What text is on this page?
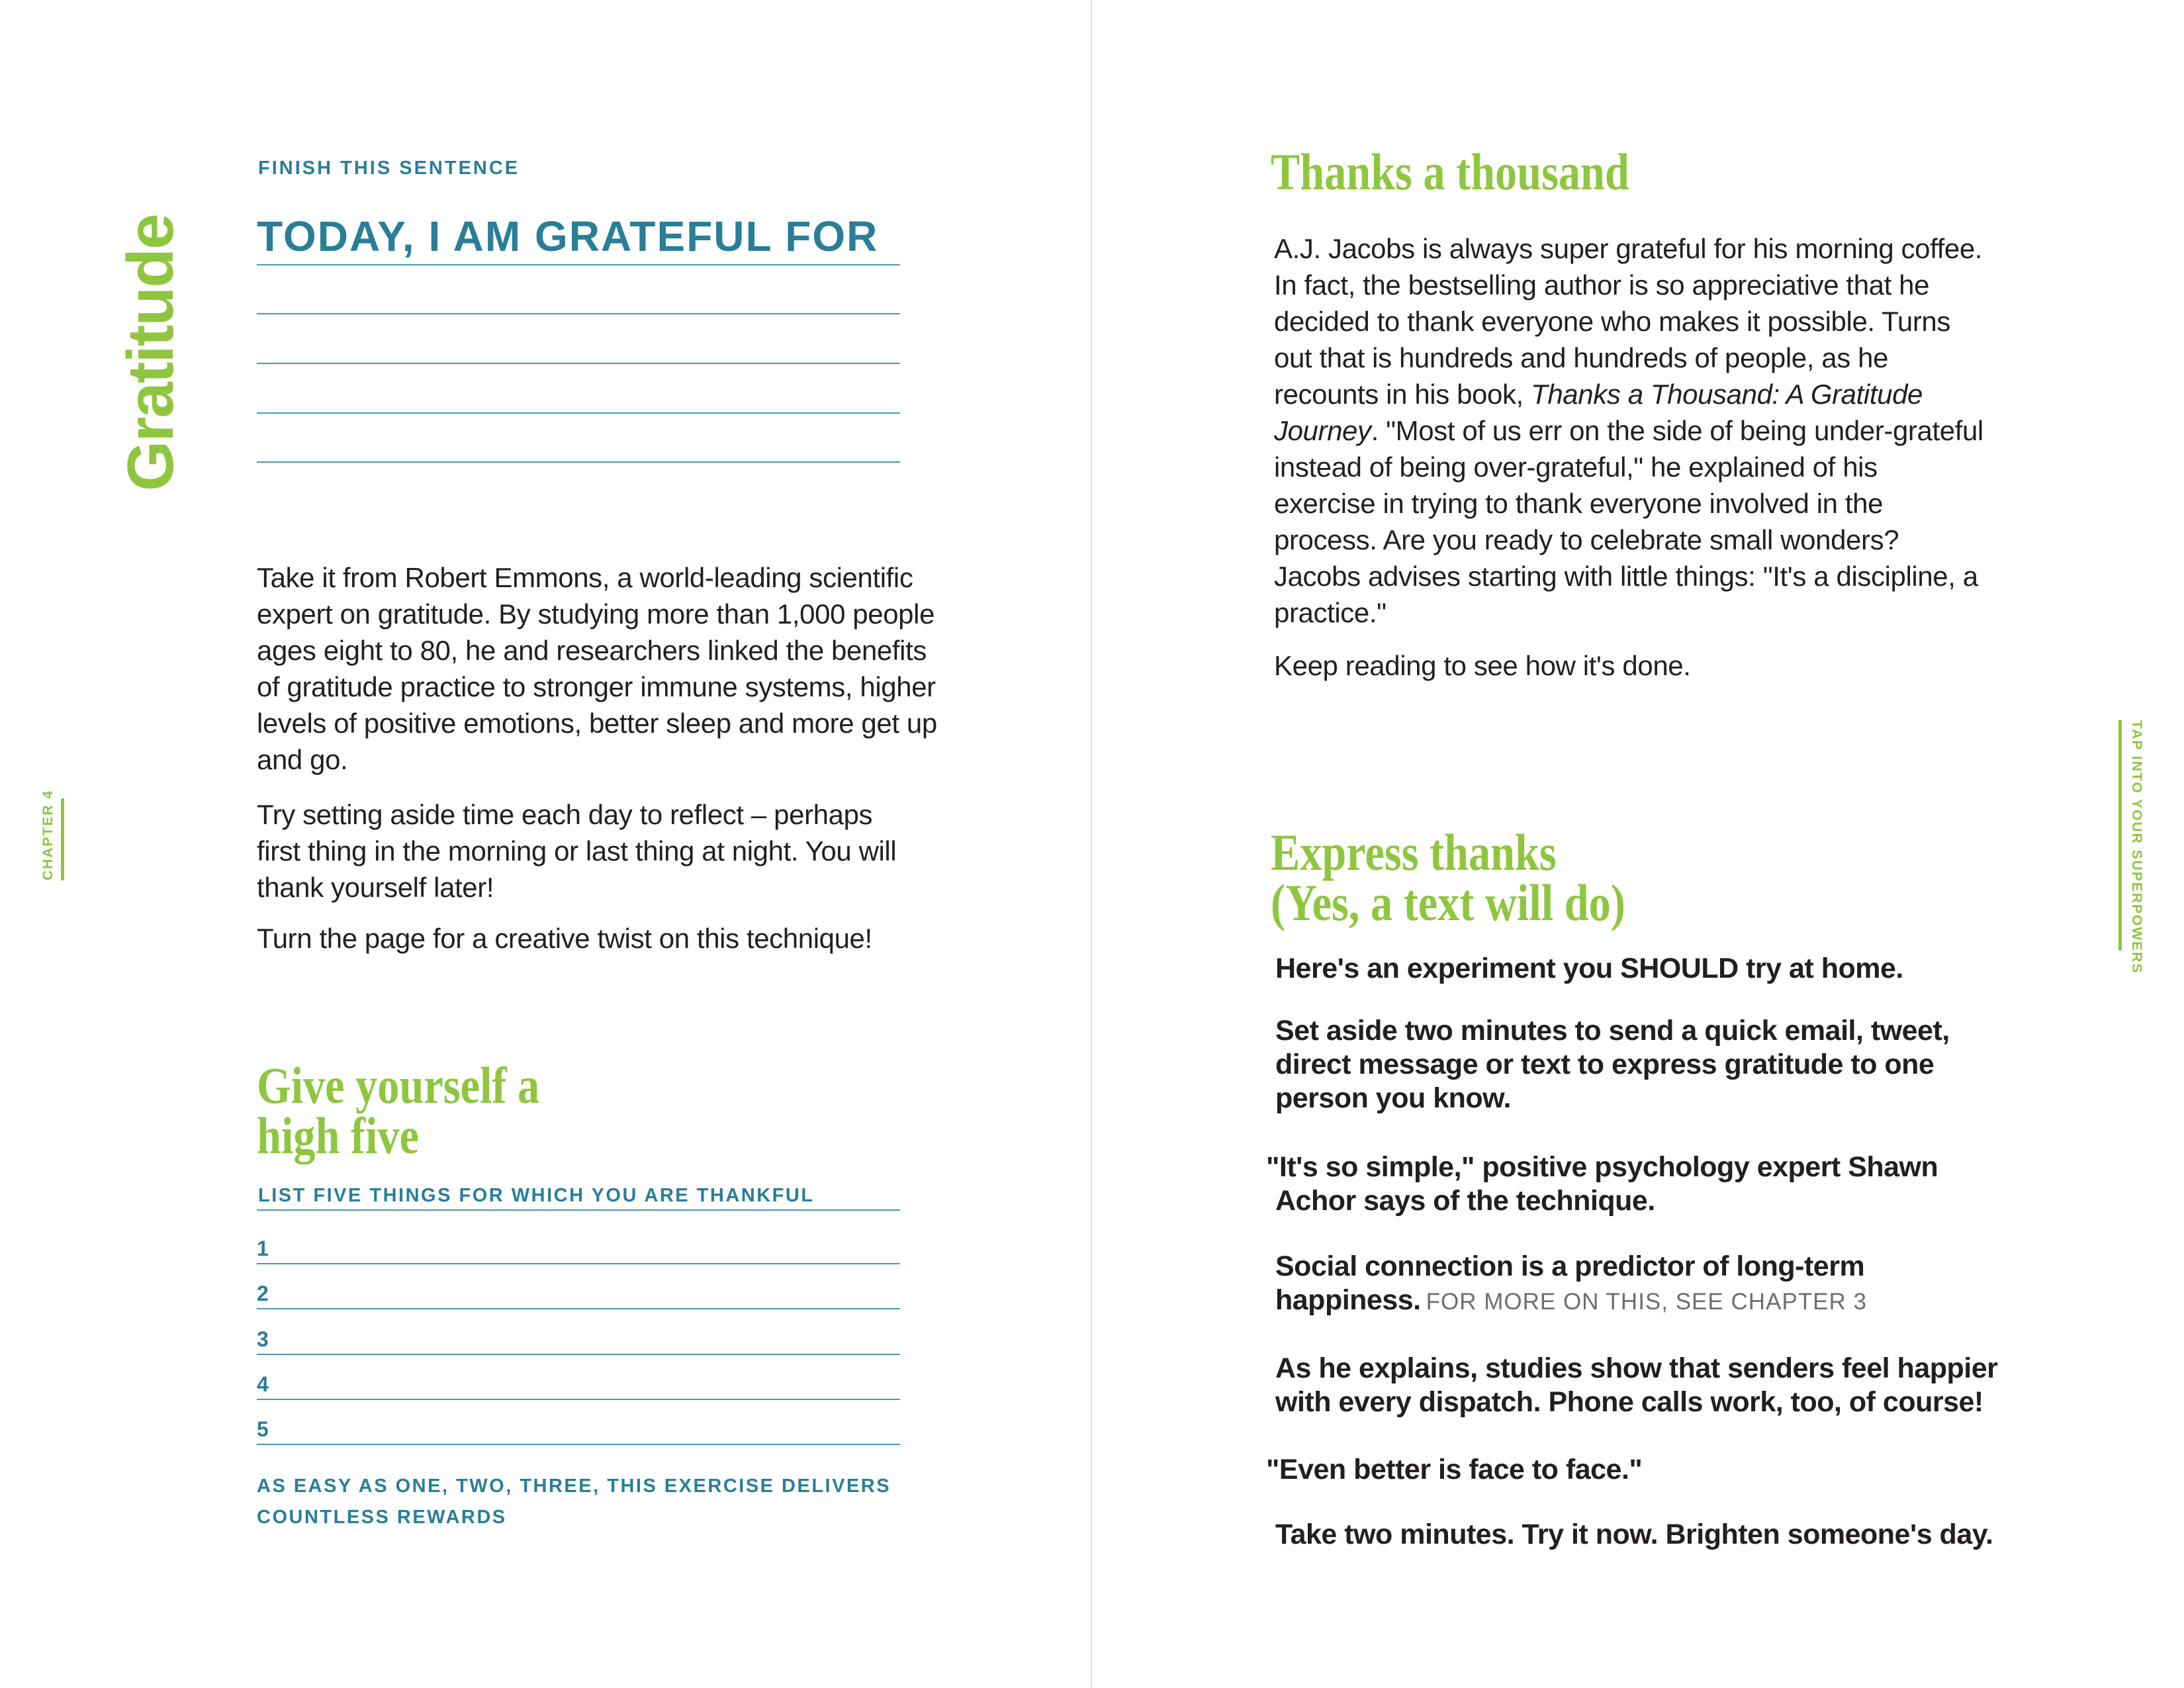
Gratitude
CHAPTER 4
FINISH THIS SENTENCE
TODAY, I AM GRATEFUL FOR
Take it from Robert Emmons, a world-leading scientific expert on gratitude. By studying more than 1,000 people ages eight to 80, he and researchers linked the benefits of gratitude practice to stronger immune systems, higher levels of positive emotions, better sleep and more get up and go.
Try setting aside time each day to reflect – perhaps first thing in the morning or last thing at night. You will thank yourself later!
Turn the page for a creative twist on this technique!
Give yourself a
high five
LIST FIVE THINGS FOR WHICH YOU ARE THANKFUL
1
2
3
4
5
AS EASY AS ONE, TWO, THREE, THIS EXERCISE DELIVERS
COUNTLESS REWARDS
TAP INTO YOUR SUPERPOWERS
Thanks a thousand
A.J. Jacobs is always super grateful for his morning coffee. In fact, the bestselling author is so appreciative that he decided to thank everyone who makes it possible. Turns out that is hundreds and hundreds of people, as he recounts in his book, Thanks a Thousand: A Gratitude Journey. "Most of us err on the side of being under-grateful instead of being over-grateful," he explained of his exercise in trying to thank everyone involved in the process. Are you ready to celebrate small wonders? Jacobs advises starting with little things: "It's a discipline, a practice."
Keep reading to see how it's done.
Express thanks
(Yes, a text will do)
Here's an experiment you SHOULD try at home.
Set aside two minutes to send a quick email, tweet, direct message or text to express gratitude to one person you know.
"It's so simple," positive psychology expert Shawn Achor says of the technique.
Social connection is a predictor of long-term happiness. FOR MORE ON THIS, SEE CHAPTER 3
As he explains, studies show that senders feel happier with every dispatch. Phone calls work, too, of course!
"Even better is face to face."
Take two minutes. Try it now. Brighten someone's day.
